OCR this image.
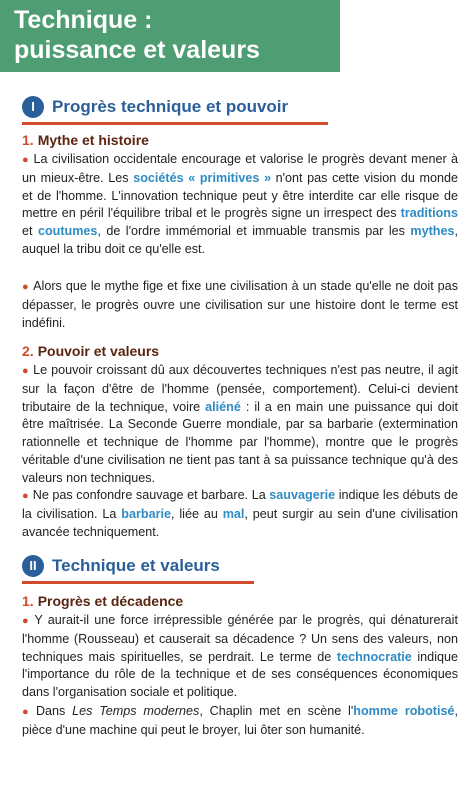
Technique :
puissance et valeurs
I	Progrès technique et pouvoir
1. Mythe et histoire
● La civilisation occidentale encourage et valorise le progrès devant mener à un mieux-être. Les sociétés « primitives » n'ont pas cette vision du monde et de l'homme. L'innovation technique peut y être interdite car elle risque de mettre en péril l'équilibre tribal et le progrès signe un irrespect des traditions et coutumes, de l'ordre immémorial et immuable transmis par les mythes, auquel la tribu doit ce qu'elle est.
● Alors que le mythe fige et fixe une civilisation à un stade qu'elle ne doit pas dépasser, le progrès ouvre une civilisation sur une histoire dont le terme est indéfini.
2. Pouvoir et valeurs
● Le pouvoir croissant dû aux découvertes techniques n'est pas neutre, il agit sur la façon d'être de l'homme (pensée, comportement). Celui-ci devient tributaire de la technique, voire aliéné : il a en main une puissance qui doit être maîtrisée. La Seconde Guerre mondiale, par sa barbarie (extermination rationnelle et technique de l'homme par l'homme), montre que le progrès véritable d'une civilisation ne tient pas tant à sa puissance technique qu'à des valeurs non techniques.
● Ne pas confondre sauvage et barbare. La sauvagerie indique les débuts de la civilisation. La barbarie, liée au mal, peut surgir au sein d'une civilisation avancée techniquement.
II Technique et valeurs
1. Progrès et décadence
● Y aurait-il une force irrépressible générée par le progrès, qui dénaturerait l'homme (Rousseau) et causerait sa décadence ? Un sens des valeurs, non techniques mais spirituelles, se perdrait. Le terme de technocratie indique l'importance du rôle de la technique et de ses conséquences économiques dans l'organisation sociale et politique.
● Dans Les Temps modernes, Chaplin met en scène l'homme robotisé, pièce d'une machine qui peut le broyer, lui ôter son humanité.
